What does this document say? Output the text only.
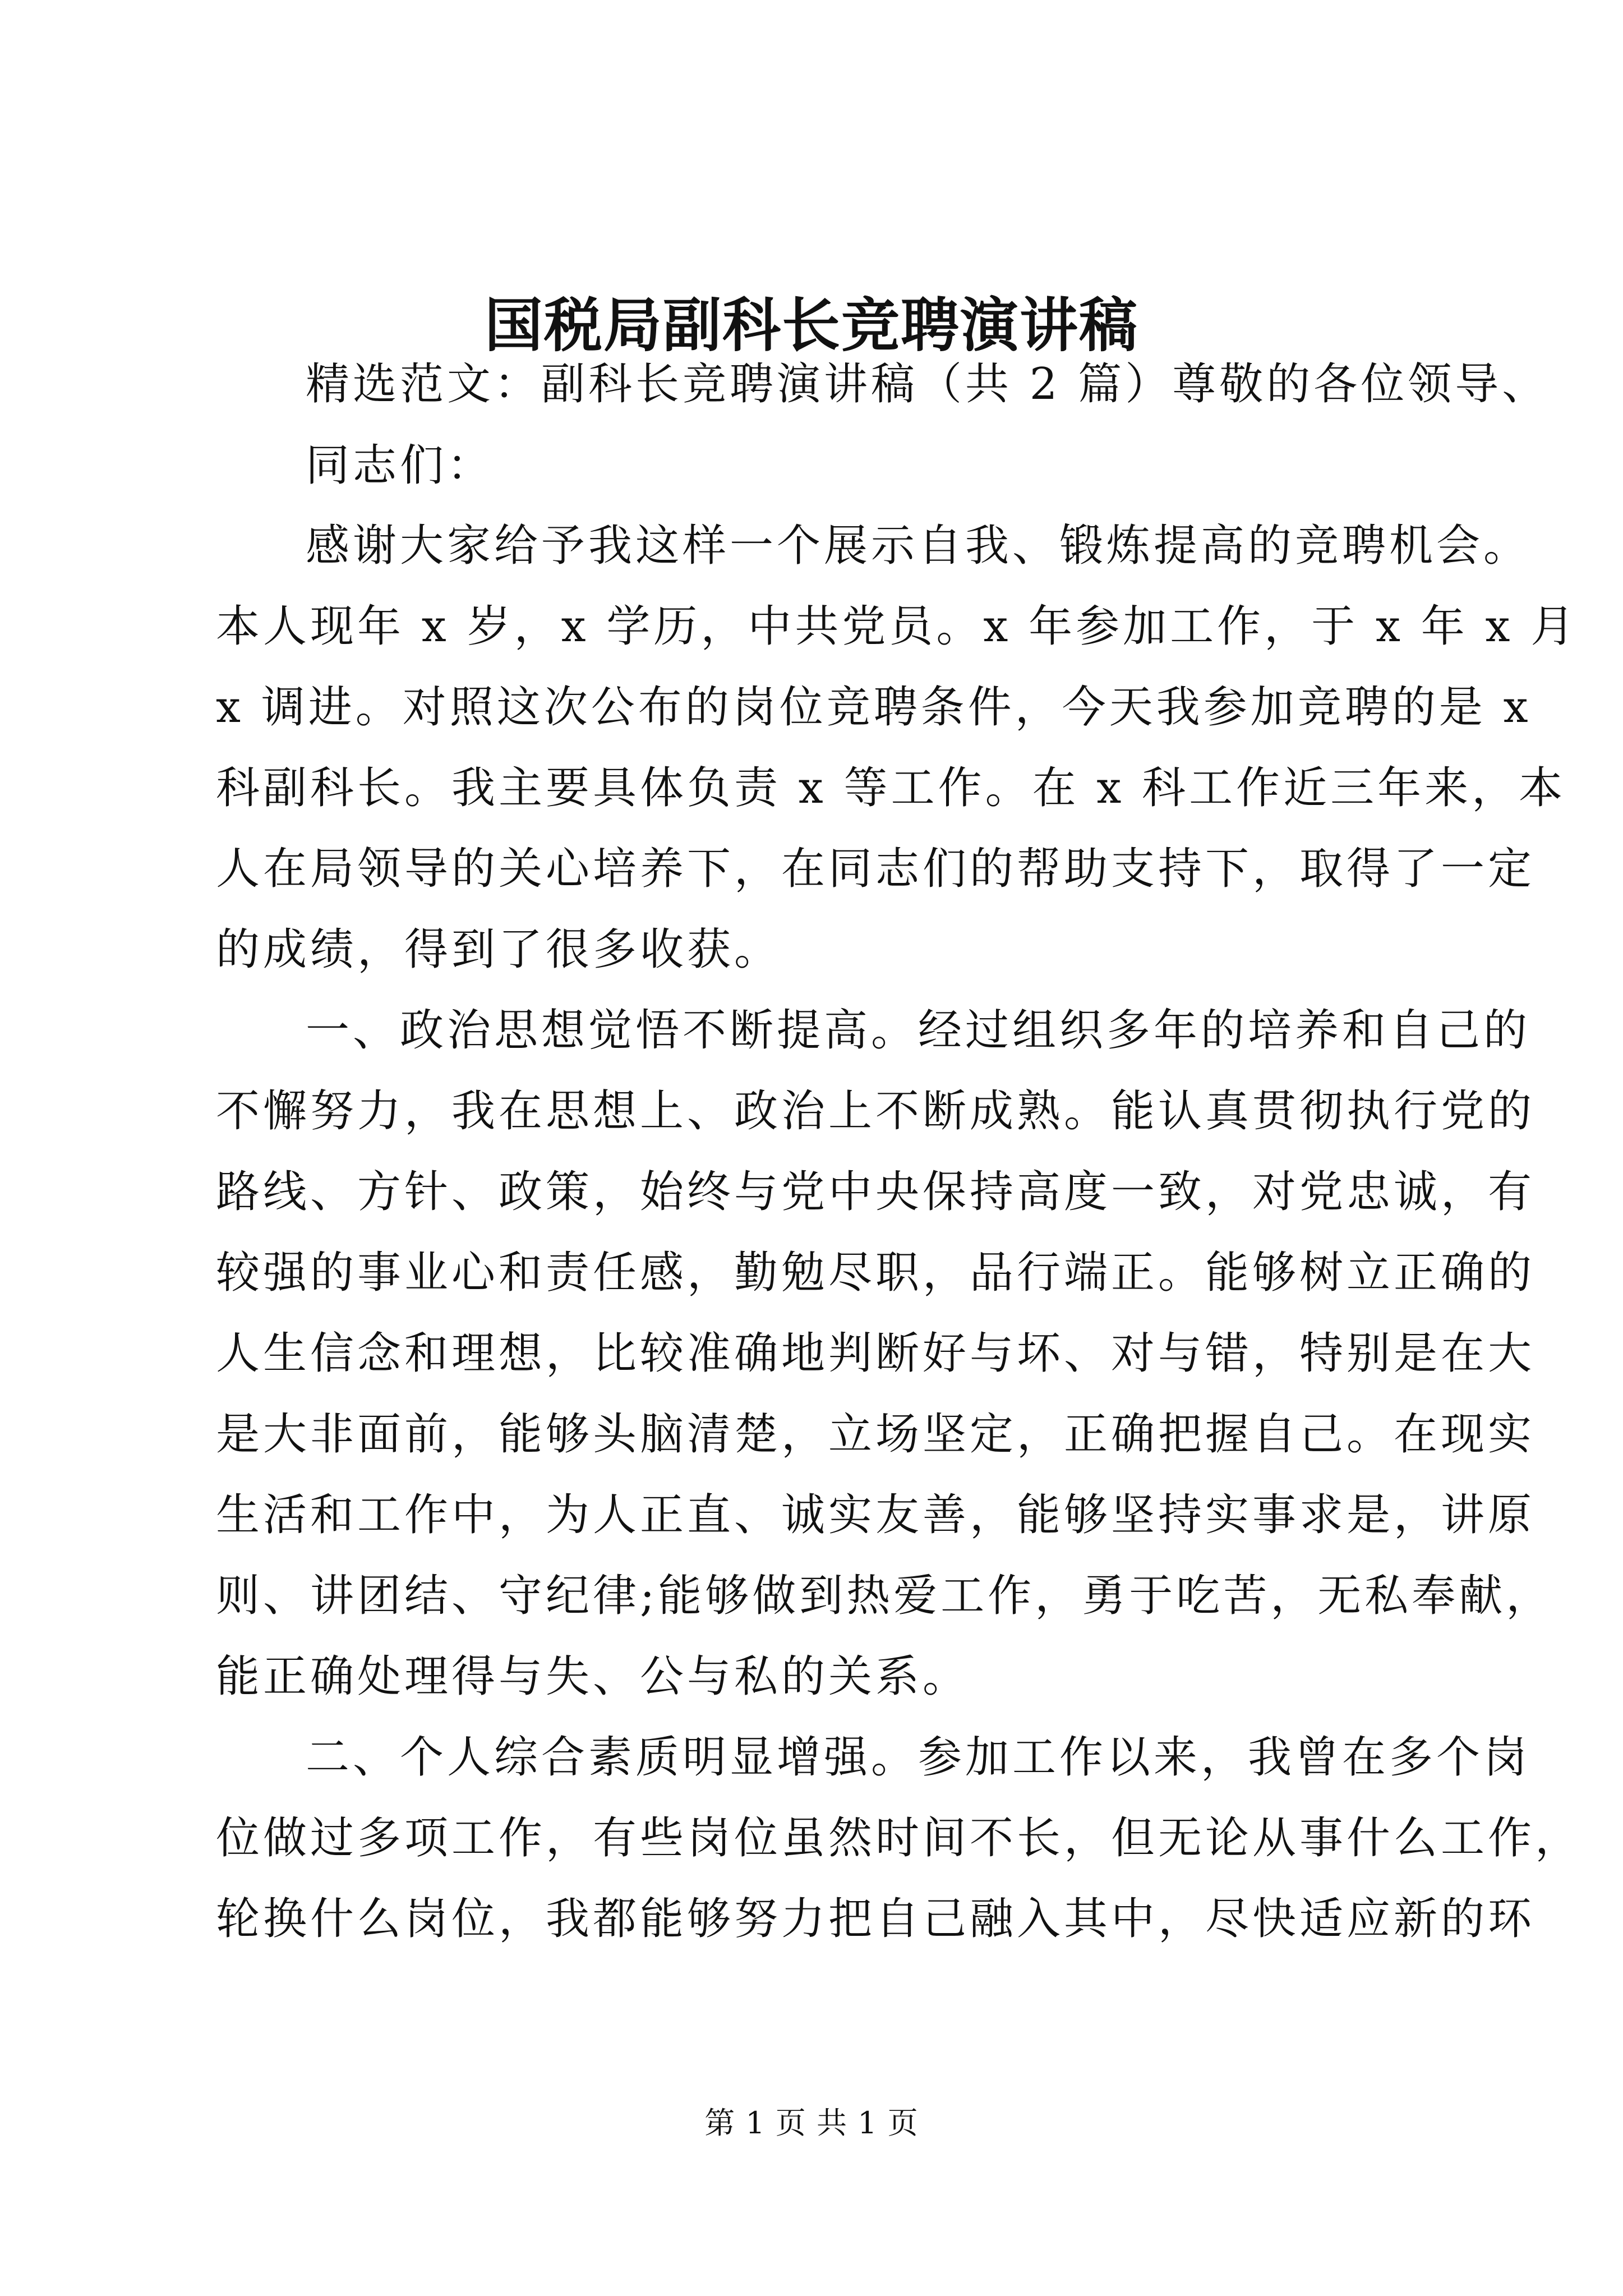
国税局副科长竞聘演讲稿

精选范文：副科长竞聘演讲稿（共 2 篇）尊敬的各位领导、

同志们：

感谢大家给予我这样一个展示自我、锻炼提高的竞聘机会。

本人现年 x 岁，x 学历，中共党员。x 年参加工作，于 x 年 x 月

x 调进。对照这次公布的岗位竞聘条件，今天我参加竞聘的是 x

科副科长。我主要具体负责 x 等工作。在 x 科工作近三年来，本

人在局领导的关心培养下，在同志们的帮助支持下，取得了一定

的成绩，得到了很多收获。

一、政治思想觉悟不断提高。经过组织多年的培养和自己的

不懈努力，我在思想上、政治上不断成熟。能认真贯彻执行党的

路线、方针、政策，始终与党中央保持高度一致，对党忠诚，有

较强的事业心和责任感，勤勉尽职，品行端正。能够树立正确的

人生信念和理想，比较准确地判断好与坏、对与错，特别是在大

是大非面前，能够头脑清楚，立场坚定，正确把握自己。在现实

生活和工作中，为人正直、诚实友善，能够坚持实事求是，讲原

则、讲团结、守纪律;能够做到热爱工作，勇于吃苦，无私奉献，

能正确处理得与失、公与私的关系。

二、个人综合素质明显增强。参加工作以来，我曾在多个岗

位做过多项工作，有些岗位虽然时间不长，但无论从事什么工作，

轮换什么岗位，我都能够努力把自己融入其中，尽快适应新的环

第 1 页 共 1 页
